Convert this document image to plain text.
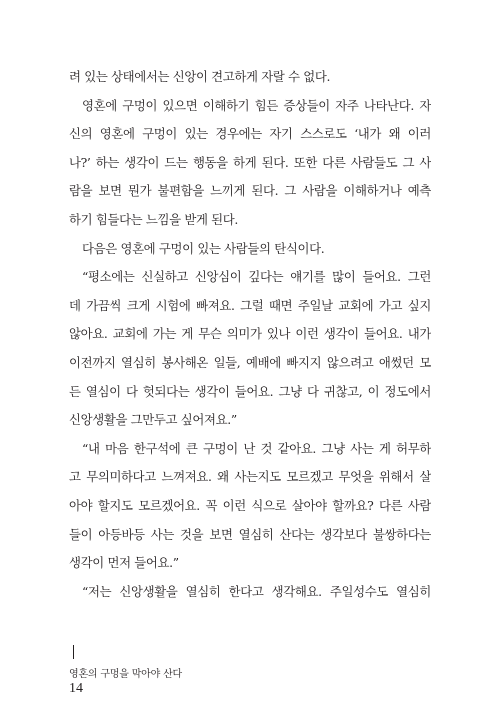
려 있는 상태에서는 신앙이 견고하게 자랄 수 없다.
영혼에 구멍이 있으면 이해하기 힘든 증상들이 자주 나타난다. 자
신의 영혼에 구멍이 있는 경우에는 자기 스스로도 ‘내가 왜 이러
나?’ 하는 생각이 드는 행동을 하게 된다. 또한 다른 사람들도 그 사
람을 보면 뭔가 불편함을 느끼게 된다. 그 사람을 이해하거나 예측
하기 힘들다는 느낌을 받게 된다.
다음은 영혼에 구멍이 있는 사람들의 탄식이다.
“평소에는 신실하고 신앙심이 깊다는 얘기를 많이 들어요. 그런
데 가끔씩 크게 시험에 빠져요. 그럴 때면 주일날 교회에 가고 싶지
않아요. 교회에 가는 게 무슨 의미가 있나 이런 생각이 들어요. 내가
이전까지 열심히 봉사해온 일들, 예배에 빠지지 않으려고 애썼던 모
든 열심이 다 헛되다는 생각이 들어요. 그냥 다 귀찮고, 이 정도에서
신앙생활을 그만두고 싶어져요.”
“내 마음 한구석에 큰 구멍이 난 것 같아요. 그냥 사는 게 허무하
고 무의미하다고 느껴져요. 왜 사는지도 모르겠고 무엇을 위해서 살
아야 할지도 모르겠어요. 꼭 이런 식으로 살아야 할까요? 다른 사람
들이 아등바등 사는 것을 보면 열심히 산다는 생각보다 불쌍하다는
생각이 먼저 들어요.”
“저는 신앙생활을 열심히 한다고 생각해요. 주일성수도 열심히
영혼의 구멍을 막아야 산다
14
